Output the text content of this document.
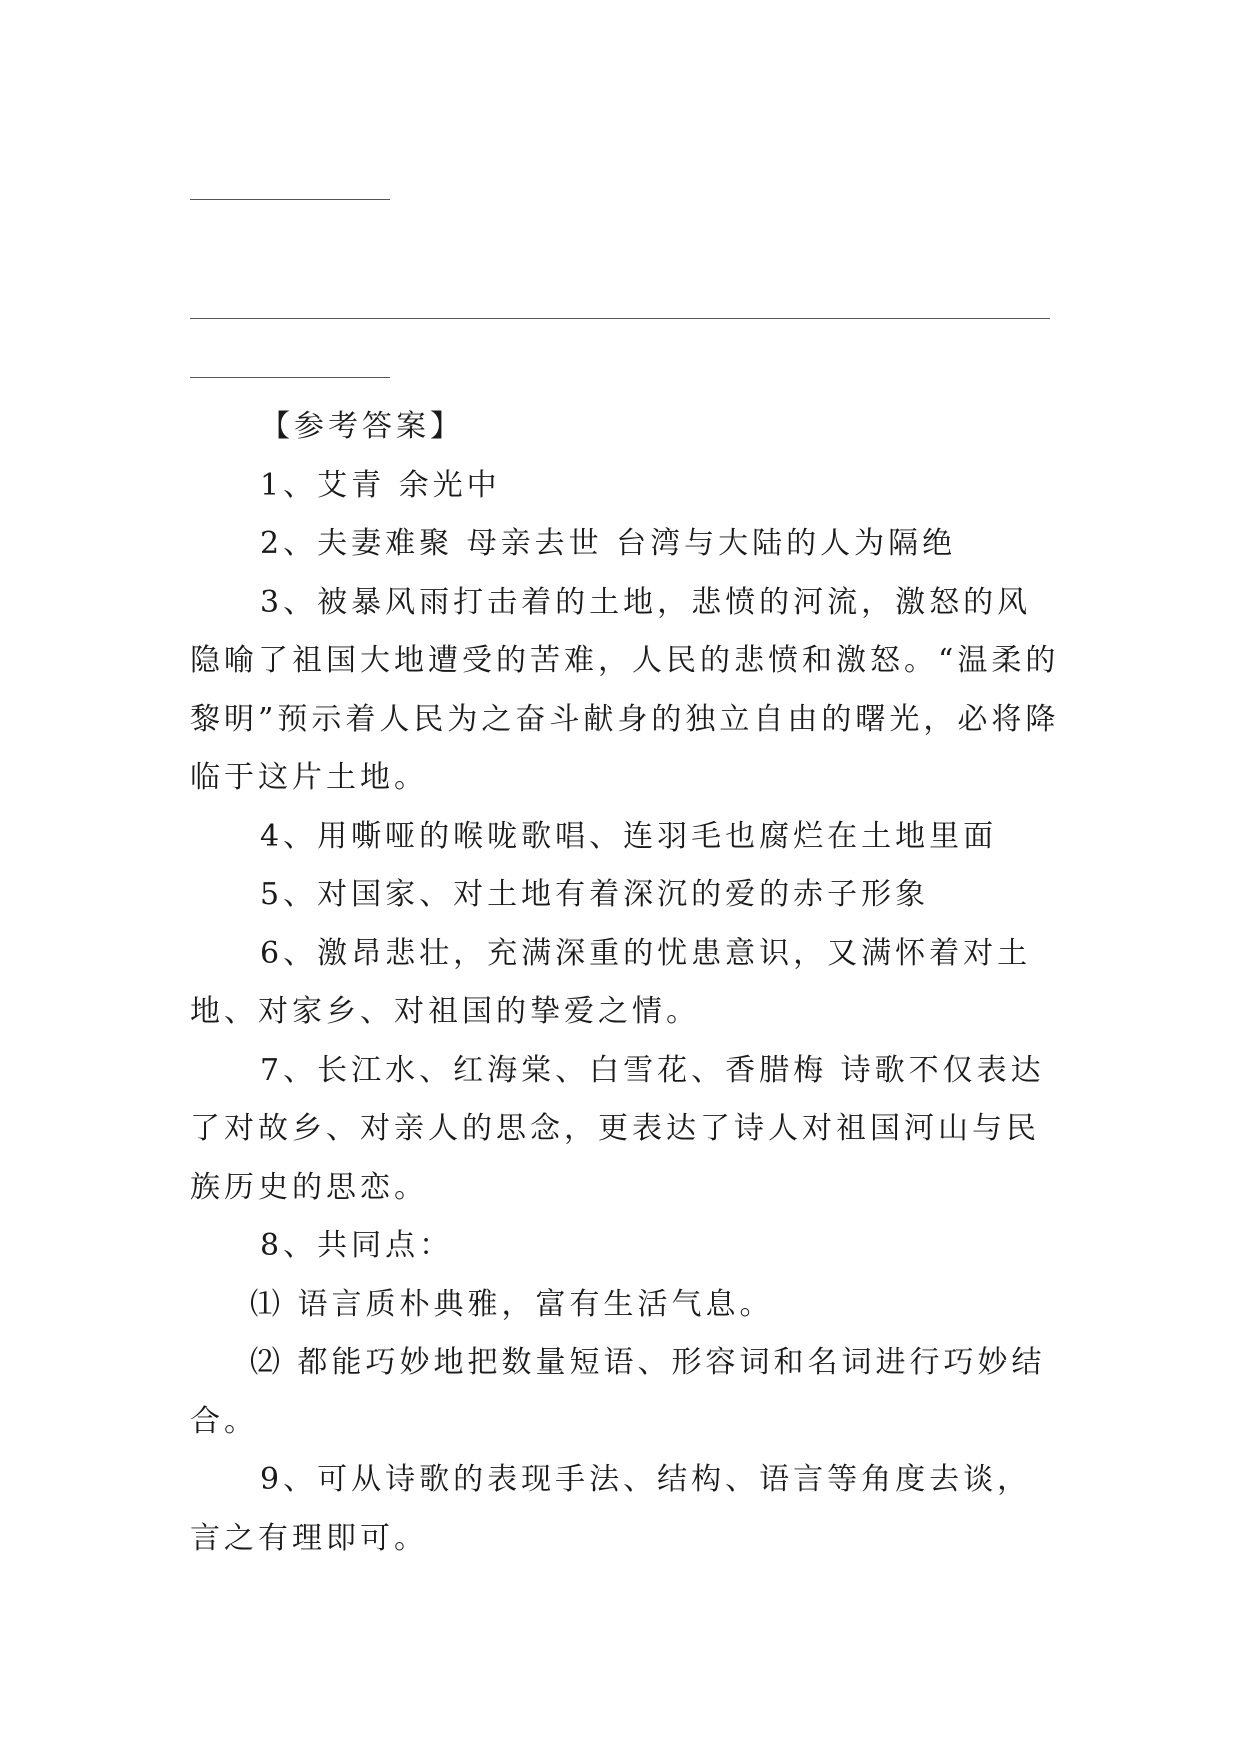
【参考答案】

1、艾青 余光中

2、夫妻难聚 母亲去世 台湾与大陆的人为隔绝

3、被暴风雨打击着的土地，悲愤的河流，激怒的风隐喻了祖国大地遭受的苦难，人民的悲愤和激怒。“温柔的黎明”预示着人民为之奋斗献身的独立自由的曙光，必将降临于这片土地。

4、用嘶哑的喉咙歌唱、连羽毛也腐烂在土地里面

5、对国家、对土地有着深沉的爱的赤子形象

6、激昂悲壮，充满深重的忧患意识，又满怀着对土地、对家乡、对祖国的挚爱之情。

7、长江水、红海棠、白雪花、香腊梅 诗歌不仅表达了对故乡、对亲人的思念，更表达了诗人对祖国河山与民族历史的思恋。

8、共同点：

⑴ 语言质朴典雅，富有生活气息。

⑵ 都能巧妙地把数量短语、形容词和名词进行巧妙结合。

9、可从诗歌的表现手法、结构、语言等角度去谈，言之有理即可。
